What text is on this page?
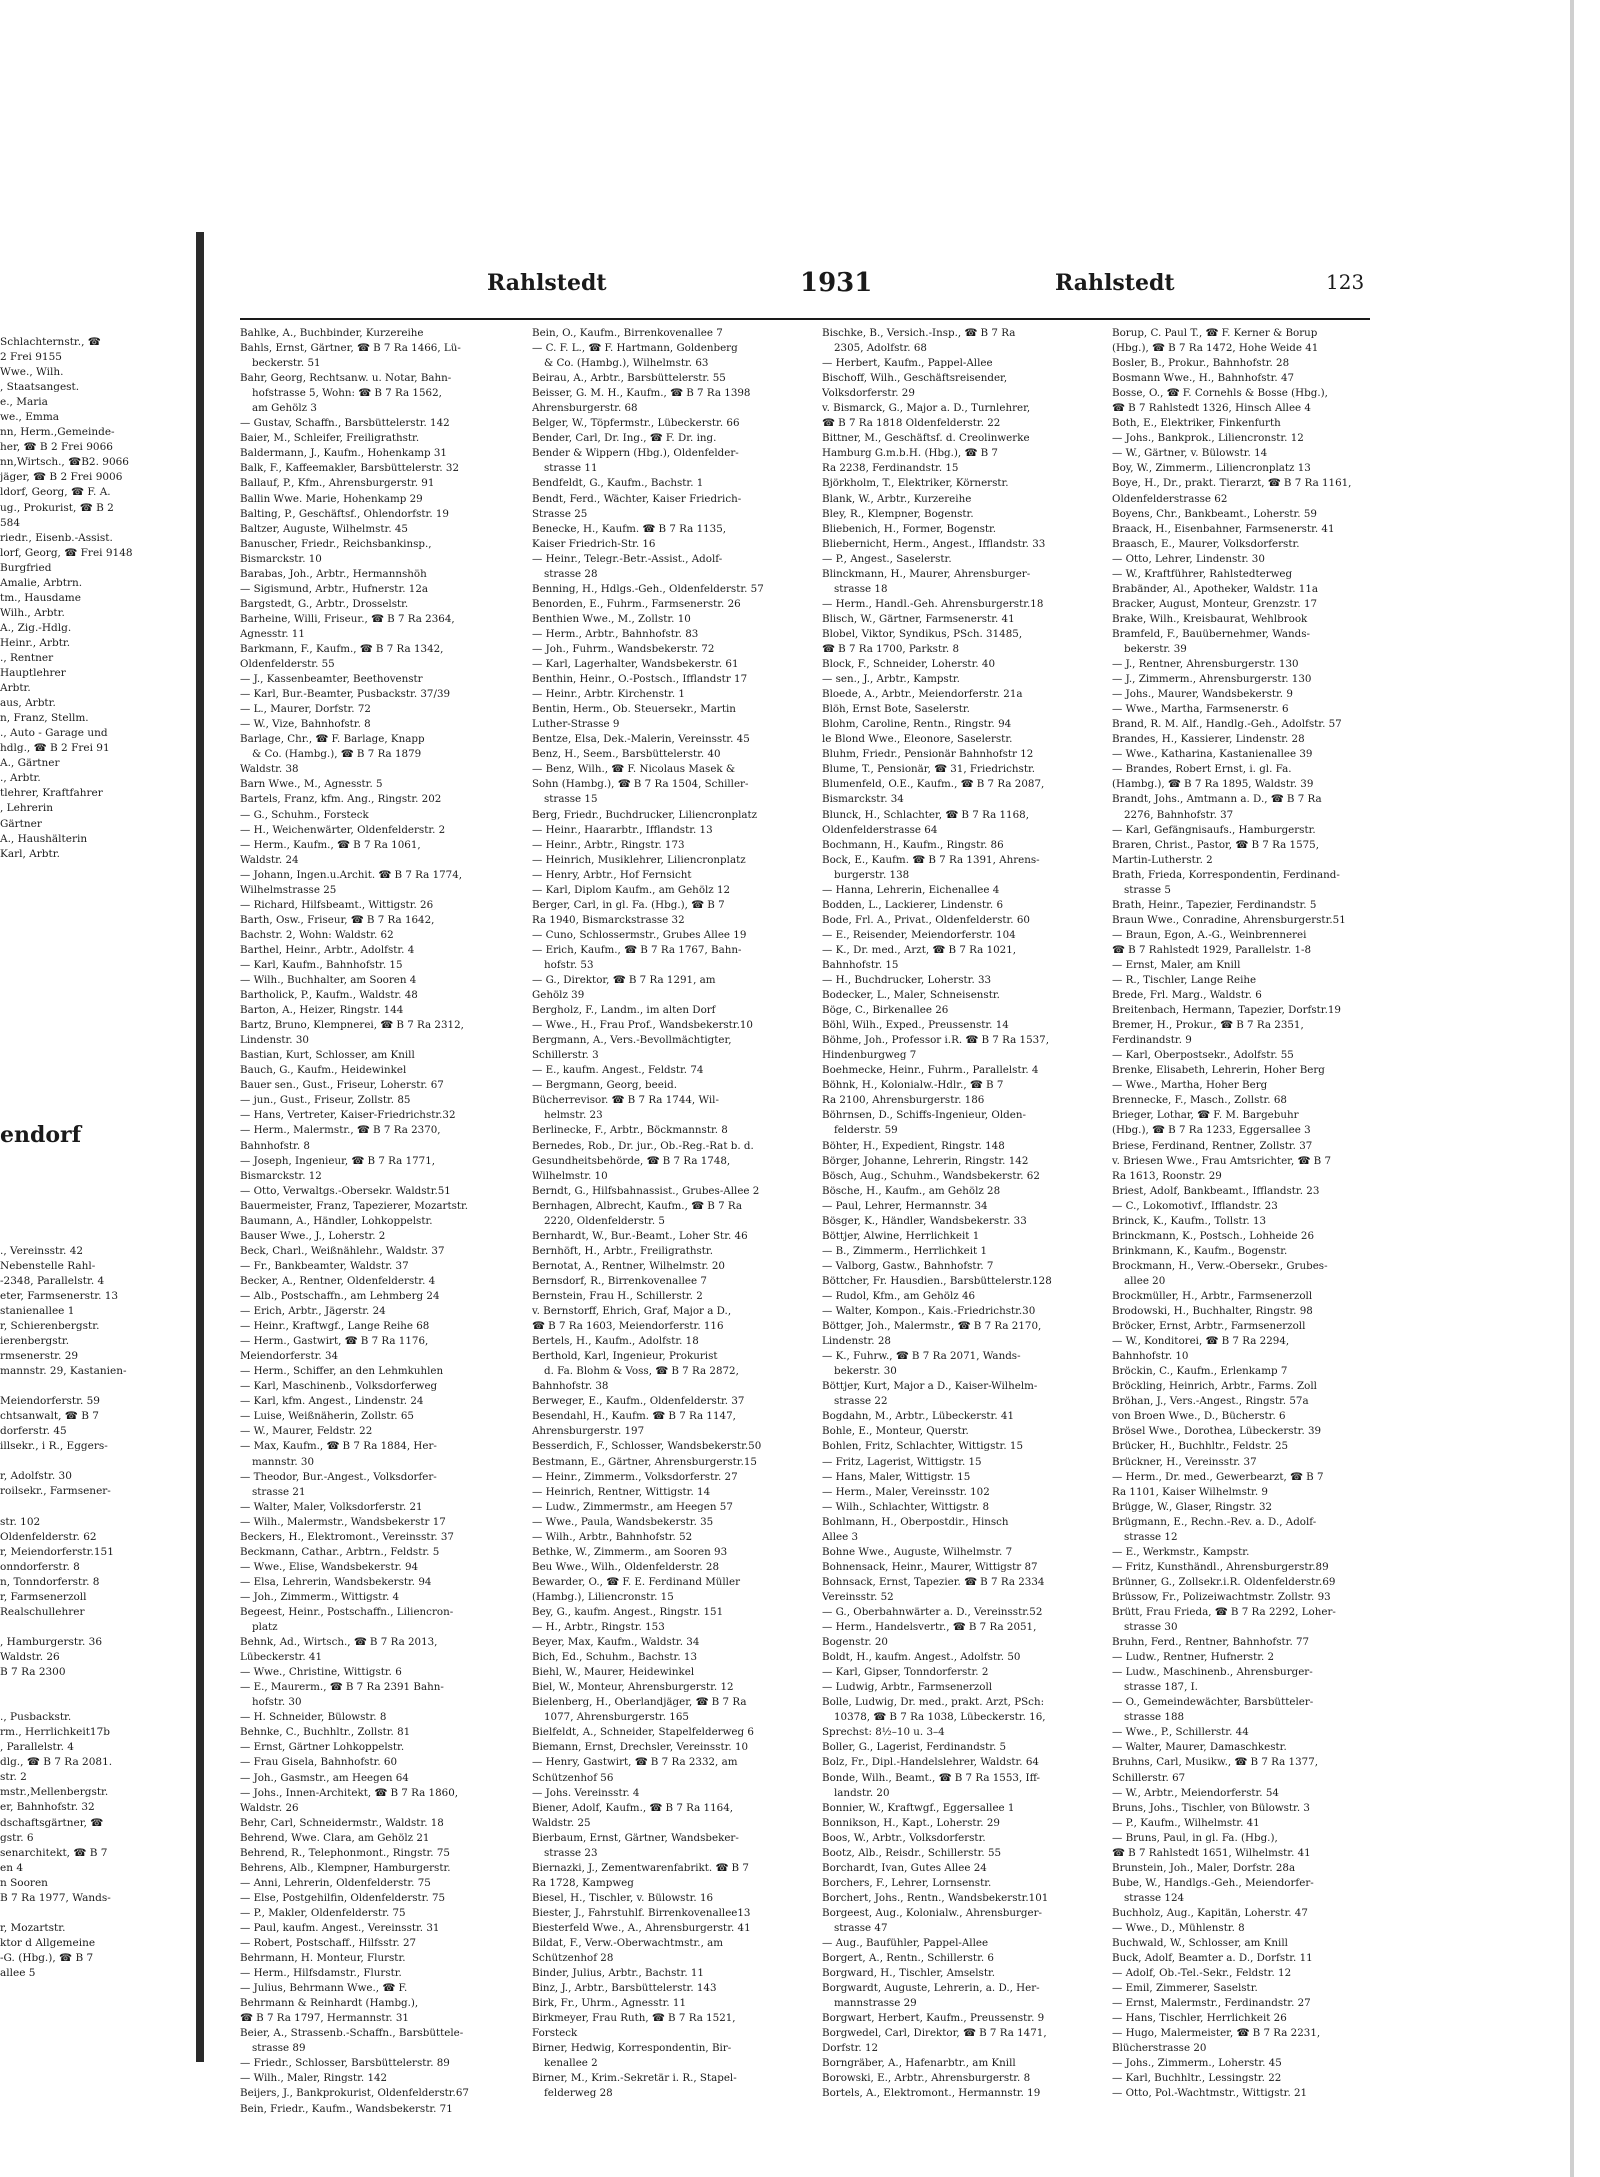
Schlachternstr., ☎
2 Frei 9155
Wwe., Wilh.
, Staatsangest.
e., Maria
we., Emma
nn, Herm.,Gemeinde-
her, ☎ B 2 Frei 9066
nn,Wirtsch., ☎B2. 9066
jäger, ☎ B 2 Frei 9006
ldorf, Georg, ☎ F. A.
ug., Prokurist, ☎ B 2
584
riedr., Eisenb.-Assist.
lorf, Georg, ☎ Frei 9148
Burgfried
Amalie, Arbtrn.
tm., Hausdame
Wilh., Arbtr.
A., Zig.-Hdlg.
Heinr., Arbtr.
., Rentner
Hauptlehrer
Arbtr.
aus, Arbtr.
n, Franz, Stellm.
., Auto - Garage und
hdlg., ☎ B 2 Frei 91
A., Gärtner
., Arbtr.
tlehrer, Kraftfahrer
, Lehrerin
Gärtner
A., Haushälterin
Karl, Arbtr.
endorf
., Vereinsstr. 42
Nebenstelle Rahl-
-2348, Parallelstr. 4
eter, Farmsenerstr. 13
stanienallee 1
r, Schierenbergstr.
ierenbergstr.
rmsenerstr. 29
mannstr. 29, Kastanien-
Meiendorferstr. 59
chtsanwalt, ☎ B 7
dorferstr. 45
illsekr., i R., Eggers-
r, Adolfstr. 30
roilsekr., Farmsener-
str. 102
Oldenfelderstr. 62
r, Meiendorferstr.151
onndorferstr. 8
n, Tonndorferstr. 8
r, Farmsenerzoll
Realschullehrer
, Hamburgerstr. 36
Waldstr. 26
B 7 Ra 2300
., Pusbackstr.
rm., Herrlichkeit17b
, Parallelstr. 4
dlg., ☎ B 7 Ra 2081.
str. 2
mstr.,Mellenbergstr.
er, Bahnhofstr. 32
dschaftsgärtner, ☎
gstr. 6
senarchitekt, ☎ B 7
en 4
n Sooren
B 7 Ra 1977, Wands-
r, Mozartstr.
ktor d Allgemeine
-G. (Hbg.), ☎ B 7
allee 5
Rahlstedt	1931	Rahlstedt	123
Bahlke, A., Buchbinder, Kurzereihe
Bahls, Ernst, Gärtner, ☎ B 7 Ra 1466, Lü-
beckerstr. 51
Bahr, Georg, Rechtsanw. u. Notar, Bahn-
hofstrasse 5, Wohn: ☎ B 7 Ra 1562,
am Gehölz 3
— Gustav, Schaffn., Barsbüttelerstr. 142
Baier, M., Schleifer, Freiligrathstr.
Baldermann, J., Kaufm., Hohenkamp 31
Balk, F., Kaffeemakler, Barsbüttelerstr. 32
Ballauf, P., Kfm., Ahrensburgerstr. 91
Ballin Wwe. Marie, Hohenkamp 29
Balting, P., Geschäftsf., Ohlendorfstr. 19
Baltzer, Auguste, Wilhelmstr. 45
Banuscher, Friedr., Reichsbankinsp.,
Bismarckstr. 10
Barabas, Joh., Arbtr., Hermannshöh
— Sigismund, Arbtr., Hufnerstr. 12a
Bargstedt, G., Arbtr., Drosselstr.
Barheine, Willi, Friseur., ☎ B 7 Ra 2364,
Agnesstr. 11
Barkmann, F., Kaufm., ☎ B 7 Ra 1342,
Oldenfelderstr. 55
— J., Kassenbeamter, Beethovenstr
— Karl, Bur.-Beamter, Pusbackstr. 37/39
— L., Maurer, Dorfstr. 72
— W., Vize, Bahnhofstr. 8
Barlage, Chr., ☎ F. Barlage, Knapp
& Co. (Hambg.), ☎ B 7 Ra 1879
Waldstr. 38
Barn Wwe., M., Agnesstr. 5
Bartels, Franz, kfm. Ang., Ringstr. 202
— G., Schuhm., Forsteck
— H., Weichenwärter, Oldenfelderstr. 2
— Herm., Kaufm., ☎ B 7 Ra 1061,
Waldstr. 24
— Johann, Ingen.u.Archit. ☎ B 7 Ra 1774,
Wilhelmstrasse 25
— Richard, Hilfsbeamt., Wittigstr. 26
Barth, Osw., Friseur, ☎ B 7 Ra 1642,
Bachstr. 2, Wohn: Waldstr. 62
Barthel, Heinr., Arbtr., Adolfstr. 4
— Karl, Kaufm., Bahnhofstr. 15
— Wilh., Buchhalter, am Sooren 4
Bartholick, P., Kaufm., Waldstr. 48
Barton, A., Heizer, Ringstr. 144
Bartz, Bruno, Klempnerei, ☎ B 7 Ra 2312,
Lindenstr. 30
Bastian, Kurt, Schlosser, am Knill
Bauch, G., Kaufm., Heidewinkel
Bauer sen., Gust., Friseur, Loherstr. 67
— jun., Gust., Friseur, Zollstr. 85
— Hans, Vertreter, Kaiser-Friedrichstr.32
— Herm., Malermstr., ☎ B 7 Ra 2370,
Bahnhofstr. 8
— Joseph, Ingenieur, ☎ B 7 Ra 1771,
Bismarckstr. 12
— Otto, Verwaltgs.-Obersekr. Waldstr.51
Bauermeister, Franz, Tapezierer, Mozartstr.
Baumann, A., Händler, Lohkoppelstr.
Bauser Wwe., J., Loherstr. 2
Beck, Charl., Weißnählehr., Waldstr. 37
— Fr., Bankbeamter, Waldstr. 37
Becker, A., Rentner, Oldenfelderstr. 4
— Alb., Postschaffn., am Lehmberg 24
— Erich, Arbtr., Jägerstr. 24
— Heinr., Kraftwgf., Lange Reihe 68
— Herm., Gastwirt, ☎ B 7 Ra 1176,
Meiendorferstr. 34
— Herm., Schiffer, an den Lehmkuhlen
— Karl, Maschinenb., Volksdorferweg
— Karl, kfm. Angest., Lindenstr. 24
— Luise, Weißnäherin, Zollstr. 65
— W., Maurer, Feldstr. 22
— Max, Kaufm., ☎ B 7 Ra 1884, Her-
mannstr. 30
— Theodor, Bur.-Angest., Volksdorfer-
strasse 21
— Walter, Maler, Volksdorferstr. 21
— Wilh., Malermstr., Wandsbekerstr 17
Beckers, H., Elektromont., Vereinsstr. 37
Beckmann, Cathar., Arbtrn., Feldstr. 5
— Wwe., Elise, Wandsbekerstr. 94
— Elsa, Lehrerin, Wandsbekerstr. 94
— Joh., Zimmerm., Wittigstr. 4
Begeest, Heinr., Postschaffn., Liliencron-
platz
Behnk, Ad., Wirtsch., ☎ B 7 Ra 2013,
Lübeckerstr. 41
— Wwe., Christine, Wittigstr. 6
— E., Maurerm., ☎ B 7 Ra 2391 Bahn-
hofstr. 30
— H. Schneider, Bülowstr. 8
Behnke, C., Buchhltr., Zollstr. 81
— Ernst, Gärtner Lohkoppelstr.
— Frau Gisela, Bahnhofstr. 60
— Joh., Gasmstr., am Heegen 64
— Johs., Innen-Architekt, ☎ B 7 Ra 1860,
Waldstr. 26
Behr, Carl, Schneidermstr., Waldstr. 18
Behrend, Wwe. Clara, am Gehölz 21
Behrend, R., Telephonmont., Ringstr. 75
Behrens, Alb., Klempner, Hamburgerstr.
— Anni, Lehrerin, Oldenfelderstr. 75
— Else, Postgehilfin, Oldenfelderstr. 75
— P., Makler, Oldenfelderstr. 75
— Paul, kaufm. Angest., Vereinsstr. 31
— Robert, Postschaff., Hilfsstr. 27
Behrmann, H. Monteur, Flurstr.
— Herm., Hilfsdamstr., Flurstr.
— Julius, Behrmann Wwe., ☎ F.
Behrmann & Reinhardt (Hambg.),
☎ B 7 Ra 1797, Hermannstr. 31
Beier, A., Strassenb.-Schaffn., Barsbüttele-
strasse 89
— Friedr., Schlosser, Barsbüttelerstr. 89
— Wilh., Maler, Ringstr. 142
Beijers, J., Bankprokurist, Oldenfelderstr.67
Bein, Friedr., Kaufm., Wandsbekerstr. 71
Bein, O., Kaufm., Birrenkovenallee 7
— C. F. L., ☎ F. Hartmann, Goldenberg
& Co. (Hambg.), Wilhelmstr. 63
Beirau, A., Arbtr., Barsbüttelerstr. 55
Beisser, G. M. H., Kaufm., ☎ B 7 Ra 1398
Ahrensburgerstr. 68
Belger, W., Töpfermstr., Lübeckerstr. 66
Bender, Carl, Dr. Ing., ☎ F. Dr. ing.
Bender & Wippern (Hbg.), Oldenfelder-
strasse 11
Bendfeldt, G., Kaufm., Bachstr. 1
Bendt, Ferd., Wächter, Kaiser Friedrich-
Strasse 25
Benecke, H., Kaufm. ☎ B 7 Ra 1135,
Kaiser Friedrich-Str. 16
— Heinr., Telegr.-Betr.-Assist., Adolf-
strasse 28
Benning, H., Hdlgs.-Geh., Oldenfelderstr. 57
Benorden, E., Fuhrm., Farmsenerstr. 26
Benthien Wwe., M., Zollstr. 10
— Herm., Arbtr., Bahnhofstr. 83
— Joh., Fuhrm., Wandsbekerstr. 72
— Karl, Lagerhalter, Wandsbekerstr. 61
Benthin, Heinr., O.-Postsch., Ifflandstr 17
— Heinr., Arbtr. Kirchenstr. 1
Bentin, Herm., Ob. Steuersekr., Martin
Luther-Strasse 9
Bentze, Elsa, Dek.-Malerin, Vereinsstr. 45
Benz, H., Seem., Barsbüttelerstr. 40
— Benz, Wilh., ☎ F. Nicolaus Masek &
Sohn (Hambg.), ☎ B 7 Ra 1504, Schiller-
strasse 15
Berg, Friedr., Buchdrucker, Liliencronplatz
— Heinr., Haararbtr., Ifflandstr. 13
— Heinr., Arbtr., Ringstr. 173
— Heinrich, Musiklehrer, Liliencronplatz
— Henry, Arbtr., Hof Fernsicht
— Karl, Diplom Kaufm., am Gehölz 12
Berger, Carl, in gl. Fa. (Hbg.), ☎ B 7
Ra 1940, Bismarckstrasse 32
— Cuno, Schlossermstr., Grubes Allee 19
— Erich, Kaufm., ☎ B 7 Ra 1767, Bahn-
hofstr. 53
— G., Direktor, ☎ B 7 Ra 1291, am
Gehölz 39
Bergholz, F., Landm., im alten Dorf
— Wwe., H., Frau Prof., Wandsbekerstr.10
Bergmann, A., Vers.-Bevollmächtigter,
Schillerstr. 3
— E., kaufm. Angest., Feldstr. 74
— Bergmann, Georg, beeid.
Bücherrevisor. ☎ B 7 Ra 1744, Wil-
helmstr. 23
Berlinecke, F., Arbtr., Böckmannstr. 8
Bernedes, Rob., Dr. jur., Ob.-Reg.-Rat b. d.
Gesundheitsbehörde, ☎ B 7 Ra 1748,
Wilhelmstr. 10
Berndt, G., Hilfsbahnassist., Grubes-Allee 2
Bernhagen, Albrecht, Kaufm., ☎ B 7 Ra
2220, Oldenfelderstr. 5
Bernhardt, W., Bur.-Beamt., Loher Str. 46
Bernhöft, H., Arbtr., Freiligrathstr.
Bernotat, A., Rentner, Wilhelmstr. 20
Bernsdorf, R., Birrenkovenallee 7
Bernstein, Frau H., Schillerstr. 2
v. Bernstorff, Ehrich, Graf, Major a D.,
☎ B 7 Ra 1603, Meiendorferstr. 116
Bertels, H., Kaufm., Adolfstr. 18
Berthold, Karl, Ingenieur, Prokurist
d. Fa. Blohm & Voss, ☎ B 7 Ra 2872,
Bahnhofstr. 38
Berweger, E., Kaufm., Oldenfelderstr. 37
Besendahl, H., Kaufm. ☎ B 7 Ra 1147,
Ahrensburgerstr. 197
Besserdich, F., Schlosser, Wandsbekerstr.50
Bestmann, E., Gärtner, Ahrensburgerstr.15
— Heinr., Zimmerm., Volksdorferstr. 27
— Heinrich, Rentner, Wittigstr. 14
— Ludw., Zimmermstr., am Heegen 57
— Wwe., Paula, Wandsbekerstr. 35
— Wilh., Arbtr., Bahnhofstr. 52
Bethke, W., Zimmerm., am Sooren 93
Beu Wwe., Wilh., Oldenfelderstr. 28
Bewarder, O., ☎ F. E. Ferdinand Müller
(Hambg.), Liliencronstr. 15
Bey, G., kaufm. Angest., Ringstr. 151
— H., Arbtr., Ringstr. 153
Beyer, Max, Kaufm., Waldstr. 34
Bich, Ed., Schuhm., Bachstr. 13
Biehl, W., Maurer, Heidewinkel
Biel, W., Monteur, Ahrensburgerstr. 12
Bielenberg, H., Oberlandjäger, ☎ B 7 Ra
1077, Ahrensburgerstr. 165
Bielfeldt, A., Schneider, Stapelfelderweg 6
Biemann, Ernst, Drechsler, Vereinsstr. 10
— Henry, Gastwirt, ☎ B 7 Ra 2332, am
Schützenhof 56
— Johs. Vereinsstr. 4
Biener, Adolf, Kaufm., ☎ B 7 Ra 1164,
Waldstr. 25
Bierbaum, Ernst, Gärtner, Wandsbeker-
strasse 23
Biernazki, J., Zementwarenfabrikt. ☎ B 7
Ra 1728, Kampweg
Biesel, H., Tischler, v. Bülowstr. 16
Biester, J., Fahrstuhlf. Birrenkovenallee13
Biesterfeld Wwe., A., Ahrensburgerstr. 41
Bildat, F., Verw.-Oberwachtmstr., am
Schützenhof 28
Binder, Julius, Arbtr., Bachstr. 11
Binz, J., Arbtr., Barsbüttelerstr. 143
Birk, Fr., Uhrm., Agnesstr. 11
Birkmeyer, Frau Ruth, ☎ B 7 Ra 1521,
Forsteck
Birner, Hedwig, Korrespondentin, Bir-
kenallee 2
Birner, M., Krim.-Sekretär i. R., Stapel-
felderweg 28
Bischke, B., Versich.-Insp., ☎ B 7 Ra
2305, Adolfstr. 68
— Herbert, Kaufm., Pappel-Allee
Bischoff, Wilh., Geschäftsreisender,
Volksdorferstr. 29
v. Bismarck, G., Major a. D., Turnlehrer,
☎ B 7 Ra 1818 Oldenfelderstr. 22
Bittner, M., Geschäftsf. d. Creolinwerke
Hamburg G.m.b.H. (Hbg.), ☎ B 7
Ra 2238, Ferdinandstr. 15
Björkholm, T., Elektriker, Körnerstr.
Blank, W., Arbtr., Kurzereihe
Bley, R., Klempner, Bogenstr.
Bliebenich, H., Former, Bogenstr.
Bliebernicht, Herm., Angest., Ifflandstr. 33
— P., Angest., Saselerstr.
Blinckmann, H., Maurer, Ahrensburger-
strasse 18
— Herm., Handl.-Geh. Ahrensburgerstr.18
Blisch, W., Gärtner, Farmsenerstr. 41
Blobel, Viktor, Syndikus, PSch. 31485,
☎ B 7 Ra 1700, Parkstr. 8
Block, F., Schneider, Loherstr. 40
— sen., J., Arbtr., Kampstr.
Bloede, A., Arbtr., Meiendorferstr. 21a
Blöh, Ernst Bote, Saselerstr.
Blohm, Caroline, Rentn., Ringstr. 94
le Blond Wwe., Eleonore, Saselerstr.
Bluhm, Friedr., Pensionär Bahnhofstr 12
Blume, T., Pensionär, ☎ 31, Friedrichstr.
Blumenfeld, O.E., Kaufm., ☎ B 7 Ra 2087,
Bismarckstr. 34
Blunck, H., Schlachter, ☎ B 7 Ra 1168,
Oldenfelderstrasse 64
Bochmann, H., Kaufm., Ringstr. 86
Bock, E., Kaufm. ☎ B 7 Ra 1391, Ahrens-
burgerstr. 138
— Hanna, Lehrerin, Eichenallee 4
Bodden, L., Lackierer, Lindenstr. 6
Bode, Frl. A., Privat., Oldenfelderstr. 60
— E., Reisender, Meiendorferstr. 104
— K., Dr. med., Arzt, ☎ B 7 Ra 1021,
Bahnhofstr. 15
— H., Buchdrucker, Loherstr. 33
Bodecker, L., Maler, Schneisenstr.
Böge, C., Birkenallee 26
Böhl, Wilh., Exped., Preussenstr. 14
Böhme, Joh., Professor i.R. ☎ B 7 Ra 1537,
Hindenburgweg 7
Boehmecke, Heinr., Fuhrm., Parallelstr. 4
Böhnk, H., Kolonialw.-Hdlr., ☎ B 7
Ra 2100, Ahrensburgerstr. 186
Böhrnsen, D., Schiffs-Ingenieur, Olden-
felderstr. 59
Böhter, H., Expedient, Ringstr. 148
Börger, Johanne, Lehrerin, Ringstr. 142
Bösch, Aug., Schuhm., Wandsbekerstr. 62
Bösche, H., Kaufm., am Gehölz 28
— Paul, Lehrer, Hermannstr. 34
Bösger, K., Händler, Wandsbekerstr. 33
Böttjer, Alwine, Herrlichkeit 1
— B., Zimmerm., Herrlichkeit 1
— Valborg, Gastw., Bahnhofstr. 7
Böttcher, Fr. Hausdien., Barsbüttelerstr.128
— Rudol, Kfm., am Gehölz 46
— Walter, Kompon., Kais.-Friedrichstr.30
Böttger, Joh., Malermstr., ☎ B 7 Ra 2170,
Lindenstr. 28
— K., Fuhrw., ☎ B 7 Ra 2071, Wands-
bekerstr. 30
Böttjer, Kurt, Major a D., Kaiser-Wilhelm-
strasse 22
Bogdahn, M., Arbtr., Lübeckerstr. 41
Bohle, E., Monteur, Querstr.
Bohlen, Fritz, Schlachter, Wittigstr. 15
— Fritz, Lagerist, Wittigstr. 15
— Hans, Maler, Wittigstr. 15
— Herm., Maler, Vereinsstr. 102
— Wilh., Schlachter, Wittigstr. 8
Bohlmann, H., Oberpostdir., Hinsch
Allee 3
Bohne Wwe., Auguste, Wilhelmstr. 7
Bohnensack, Heinr., Maurer, Wittigstr 87
Bohnsack, Ernst, Tapezier. ☎ B 7 Ra 2334
Vereinsstr. 52
— G., Oberbahnwärter a. D., Vereinsstr.52
— Herm., Handelsvertr., ☎ B 7 Ra 2051,
Bogenstr. 20
Boldt, H., kaufm. Angest., Adolfstr. 50
— Karl, Gipser, Tonndorferstr. 2
— Ludwig, Arbtr., Farmsenerzoll
Bolle, Ludwig, Dr. med., prakt. Arzt, PSch:
10378, ☎ B 7 Ra 1038, Lübeckerstr. 16,
Sprechst: 8½–10 u. 3–4
Boller, G., Lagerist, Ferdinandstr. 5
Bolz, Fr., Dipl.-Handelslehrer, Waldstr. 64
Bonde, Wilh., Beamt., ☎ B 7 Ra 1553, Iff-
landstr. 20
Bonnier, W., Kraftwgf., Eggersallee 1
Bonnikson, H., Kapt., Loherstr. 29
Boos, W., Arbtr., Volksdorferstr.
Bootz, Alb., Reisdr., Schillerstr. 55
Borchardt, Ivan, Gutes Allee 24
Borchers, F., Lehrer, Lornsenstr.
Borchert, Johs., Rentn., Wandsbekerstr.101
Borgeest, Aug., Kolonialw., Ahrensburger-
strasse 47
— Aug., Baufühler, Pappel-Allee
Borgert, A., Rentn., Schillerstr. 6
Borgward, H., Tischler, Amselstr.
Borgwardt, Auguste, Lehrerin, a. D., Her-
mannstrasse 29
Borgwart, Herbert, Kaufm., Preussenstr. 9
Borgwedel, Carl, Direktor, ☎ B 7 Ra 1471,
Dorfstr. 12
Borngräber, A., Hafenarbtr., am Knill
Borowski, E., Arbtr., Ahrensburgerstr. 8
Bortels, A., Elektromont., Hermannstr. 19
Borup, C. Paul T., ☎ F. Kerner & Borup
(Hbg.), ☎ B 7 Ra 1472, Hohe Weide 41
Bosler, B., Prokur., Bahnhofstr. 28
Bosmann Wwe., H., Bahnhofstr. 47
Bosse, O., ☎ F. Cornehls & Bosse (Hbg.),
☎ B 7 Rahlstedt 1326, Hinsch Allee 4
Both, E., Elektriker, Finkenfurth
— Johs., Bankprok., Liliencronstr. 12
— W., Gärtner, v. Bülowstr. 14
Boy, W., Zimmerm., Liliencronplatz 13
Boye, H., Dr., prakt. Tierarzt, ☎ B 7 Ra 1161,
Oldenfelderstrasse 62
Boyens, Chr., Bankbeamt., Loherstr. 59
Braack, H., Eisenbahner, Farmsenerstr. 41
Braasch, E., Maurer, Volksdorferstr.
— Otto, Lehrer, Lindenstr. 30
— W., Kraftführer, Rahlstedterweg
Brabänder, Al., Apotheker, Waldstr. 11a
Bracker, August, Monteur, Grenzstr. 17
Brake, Wilh., Kreisbaurat, Wehlbrook
Bramfeld, F., Bauübernehmer, Wands-
bekerstr. 39
— J., Rentner, Ahrensburgerstr. 130
— J., Zimmerm., Ahrensburgerstr. 130
— Johs., Maurer, Wandsbekerstr. 9
— Wwe., Martha, Farmsenerstr. 6
Brand, R. M. Alf., Handlg.-Geh., Adolfstr. 57
Brandes, H., Kassierer, Lindenstr. 28
— Wwe., Katharina, Kastanienallee 39
— Brandes, Robert Ernst, i. gl. Fa.
(Hambg.), ☎ B 7 Ra 1895, Waldstr. 39
Brandt, Johs., Amtmann a. D., ☎ B 7 Ra
2276, Bahnhofstr. 37
— Karl, Gefängnisaufs., Hamburgerstr.
Braren, Christ., Pastor, ☎ B 7 Ra 1575,
Martin-Lutherstr. 2
Brath, Frieda, Korrespondentin, Ferdinand-
strasse 5
Brath, Heinr., Tapezier, Ferdinandstr. 5
Braun Wwe., Conradine, Ahrensburgerstr.51
— Braun, Egon, A.-G., Weinbrennerei
☎ B 7 Rahlstedt 1929, Parallelstr. 1-8
— Ernst, Maler, am Knill
— R., Tischler, Lange Reihe
Brede, Frl. Marg., Waldstr. 6
Breitenbach, Hermann, Tapezier, Dorfstr.19
Bremer, H., Prokur., ☎ B 7 Ra 2351,
Ferdinandstr. 9
— Karl, Oberpostsekr., Adolfstr. 55
Brenke, Elisabeth, Lehrerin, Hoher Berg
— Wwe., Martha, Hoher Berg
Brennecke, F., Masch., Zollstr. 68
Brieger, Lothar, ☎ F. M. Bargebuhr
(Hbg.), ☎ B 7 Ra 1233, Eggersallee 3
Briese, Ferdinand, Rentner, Zollstr. 37
v. Briesen Wwe., Frau Amtsrichter, ☎ B 7
Ra 1613, Roonstr. 29
Briest, Adolf, Bankbeamt., Ifflandstr. 23
— C., Lokomotivf., Ifflandstr. 23
Brinck, K., Kaufm., Tollstr. 13
Brinckmann, K., Postsch., Lohheide 26
Brinkmann, K., Kaufm., Bogenstr.
Brockmann, H., Verw.-Obersekr., Grubes-
allee 20
Brockmüller, H., Arbtr., Farmsenerzoll
Brodowski, H., Buchhalter, Ringstr. 98
Bröcker, Ernst, Arbtr., Farmsenerzoll
— W., Konditorei, ☎ B 7 Ra 2294,
Bahnhofstr. 10
Bröckin, C., Kaufm., Erlenkamp 7
Bröckling, Heinrich, Arbtr., Farms. Zoll
Bröhan, J., Vers.-Angest., Ringstr. 57a
von Broen Wwe., D., Bücherstr. 6
Brösel Wwe., Dorothea, Lübeckerstr. 39
Brücker, H., Buchhltr., Feldstr. 25
Brückner, H., Vereinsstr. 37
— Herm., Dr. med., Gewerbearzt, ☎ B 7
Ra 1101, Kaiser Wilhelmstr. 9
Brügge, W., Glaser, Ringstr. 32
Brügmann, E., Rechn.-Rev. a. D., Adolf-
strasse 12
— E., Werkmstr., Kampstr.
— Fritz, Kunsthändl., Ahrensburgerstr.89
Brünner, G., Zollsekr.i.R. Oldenfelderstr.69
Brüssow, Fr., Polizeiwachtmstr. Zollstr. 93
Brütt, Frau Frieda, ☎ B 7 Ra 2292, Loher-
strasse 30
Bruhn, Ferd., Rentner, Bahnhofstr. 77
— Ludw., Rentner, Hufnerstr. 2
— Ludw., Maschinenb., Ahrensburger-
strasse 187, I.
— O., Gemeindewächter, Barsbütteler-
strasse 188
— Wwe., P., Schillerstr. 44
— Walter, Maurer, Damaschkestr.
Bruhns, Carl, Musikw., ☎ B 7 Ra 1377,
Schillerstr. 67
— W., Arbtr., Meiendorferstr. 54
Bruns, Johs., Tischler, von Bülowstr. 3
— P., Kaufm., Wilhelmstr. 41
— Bruns, Paul, in gl. Fa. (Hbg.),
☎ B 7 Rahlstedt 1651, Wilhelmstr. 41
Brunstein, Joh., Maler, Dorfstr. 28a
Bube, W., Handlgs.-Geh., Meiendorfer-
strasse 124
Buchholz, Aug., Kapitän, Loherstr. 47
— Wwe., D., Mühlenstr. 8
Buchwald, W., Schlosser, am Knill
Buck, Adolf, Beamter a. D., Dorfstr. 11
— Adolf, Ob.-Tel.-Sekr., Feldstr. 12
— Emil, Zimmerer, Saselstr.
— Ernst, Malermstr., Ferdinandstr. 27
— Hans, Tischler, Herrlichkeit 26
— Hugo, Malermeister, ☎ B 7 Ra 2231,
Blücherstrasse 20
— Johs., Zimmerm., Loherstr. 45
— Karl, Buchhltr., Lessingstr. 22
— Otto, Pol.-Wachtmstr., Wittigstr. 21
